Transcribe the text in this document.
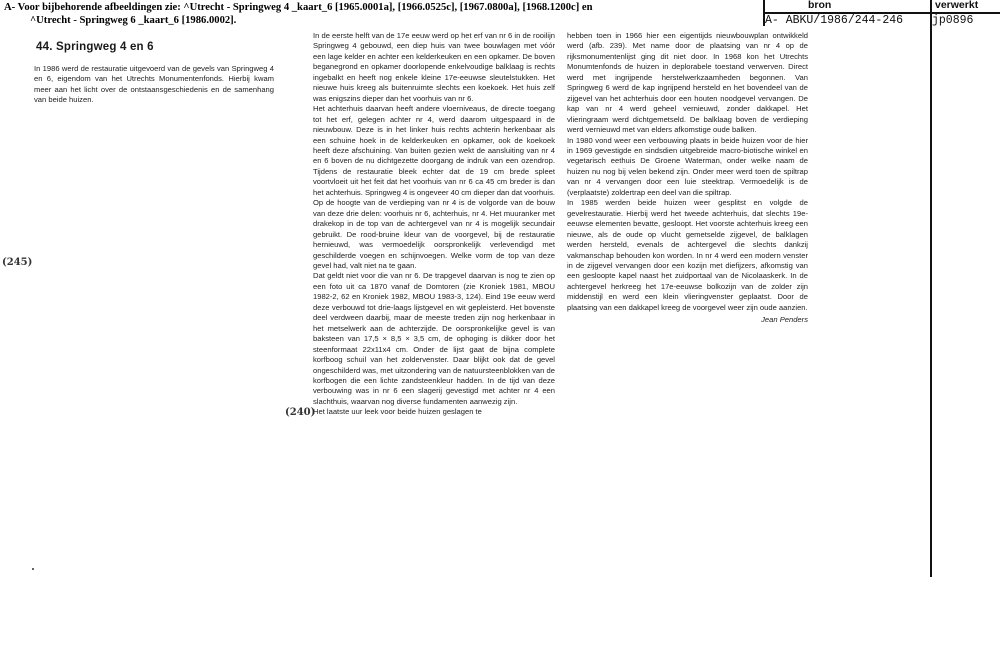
A- Voor bijbehorende afbeeldingen zie: ^Utrecht - Springweg 4 _kaart_6 [1965.0001a], [1966.0525c], [1967.0800a], [1968.1200c] en
^Utrecht - Springweg 6 _kaart_6 [1986.0002].
bron	verwerkt
A- ABKU/1986/244-246	jp0896
44. Springweg 4 en 6
(245)
(240)

In 1986 werd de restauratie uitgevoerd van de gevels van Springweg 4 en 6, eigendom van het Utrechts Monumentenfonds. Hierbij kwam meer aan het licht over de ontstaansgeschiedenis en de samenhang van beide huizen.

In de eerste helft van de 17e eeuw werd op het erf van nr 6 in de rooilijn Springweg 4 gebouwd, een diep huis van twee bouwlagen met vóór een lage kelder en achter een kelderkeuken en een opkamer. De boven beganegrond en opkamer doorlopende enkelvoudige balklaag is rechts ingebalkt en heeft nog enkele kleine 17e-eeuwse sleutelstukken. Het nieuwe huis kreeg als buitenruimte slechts een koekoek. Het huis zelf was enigszins dieper dan het voorhuis van nr 6.

Het achterhuis daarvan heeft andere vloerniveaus, de directe toegang tot het erf, gelegen achter nr 4, werd daarom uitgespaard in de nieuwbouw. Deze is in het linker huis rechts achterin herkenbaar als een schuine hoek in de kelderkeuken en opkamer, ook de koekoek heeft deze afschuining. Van buiten gezien wekt de aansluiting van nr 4 en 6 boven de nu dichtgezette doorgang de indruk van een ozendrop. Tijdens de restauratie bleek echter dat de 19 cm brede spleet voortvloeit uit het feit dat het voorhuis van nr 6 ca 45 cm breder is dan het achterhuis. Springweg 4 is ongeveer 40 cm dieper dan dat voorhuis. Op de hoogte van de verdieping van nr 4 is de volgorde van de bouw van deze drie delen: voorhuis nr 6, achterhuis, nr 4. Het muuranker met drakekop in de top van de achtergevel van nr 4 is mogelijk secundair gebruikt. De rood-bruine kleur van de voorgevel, bij de restauratie hernieuwd, was vermoedelijk oorspronkelijk verlevendigd met geschilderde voegen en schijnvoegen. Welke vorm de top van deze gevel had, valt niet na te gaan.

Dat geldt niet voor die van nr 6. De trapgevel daarvan is nog te zien op een foto uit ca 1870 vanaf de Domtoren (zie Kroniek 1981, MBOU 1982-2, 62 en Kroniek 1982, MBOU 1983-3, 124). Eind 19e eeuw werd deze verbouwd tot drie-laags lijstgevel en wit gepleisterd. Het bovenste deel verdween daarbij, maar de meeste treden zijn nog herkenbaar in het metselwerk aan de achterzijde. De oorspronkelijke gevel is van baksteen van 17,5 × 8,5 × 3,5 cm, de ophoging is dikker door het steenformaat 22x11x4 cm. Onder de lijst gaat de bijna complete korfboog schuil van het zoldervenster. Daar blijkt ook dat de gevel ongeschilderd was, met uitzondering van de natuursteenblokken van de korfbogen die een lichte zandsteenkleur hadden. In de tijd van deze verbouwing was in nr 6 een slagerij gevestigd met achter nr 4 een slachthuis, waarvan nog diverse fundamenten aanwezig zijn.

Het laatste uur leek voor beide huizen geslagen te

hebben toen in 1966 hier een eigentijds nieuwbouwplan ontwikkeld werd (afb. 239). Met name door de plaatsing van nr 4 op de rijksmonumentenlijst ging dit niet door. In 1968 kon het Utrechts Monumtenfonds de huizen in deplorabele toestand verwerven. Direct werd met ingrijpende herstelwerkzaamheden begonnen. Van Springweg 6 werd de kap ingrijpend hersteld en het bovendeel van de zijgevel van het achterhuis door een houten noodgevel vervangen. De kap van nr 4 werd geheel vernieuwd, zonder dakkapel. Het vlieringraam werd dichtgemetseld. De balklaag boven de verdieping werd vernieuwd met van elders afkomstige oude balken.

In 1980 vond weer een verbouwing plaats in beide huizen voor de hier in 1969 gevestigde en sindsdien uitgebreide macro-biotische winkel en vegetarisch eethuis De Groene Waterman, onder welke naam de huizen nu nog bij velen bekend zijn. Onder meer werd toen de spiltrap van nr 4 vervangen door een luie steektrap. Vermoedelijk is de (verplaatste) zoldertrap een deel van die spiltrap.

In 1985 werden beide huizen weer gesplitst en volgde de gevelrestauratie. Hierbij werd het tweede achterhuis, dat slechts 19e-eeuwse elementen bevatte, gesloopt. Het voorste achterhuis kreeg een nieuwe, als de oude op vlucht gemetselde zijgevel, de balklagen werden hersteld, evenals de achtergevel die slechts dankzij vakmanschap behouden kon worden. In nr 4 werd een modern venster in de zijgevel vervangen door een kozijn met diefijzers, afkomstig van een gesloopte kapel naast het zuidportaal van de Nicolaaskerk. In de achtergevel herkreeg het 17e-eeuwse bolkozijn van de zolder zijn middenstijl en werd een klein vlieringvenster geplaatst. Door de plaatsing van een dakkapel kreeg de voorgevel weer zijn oude aanzien.

Jean Penders
